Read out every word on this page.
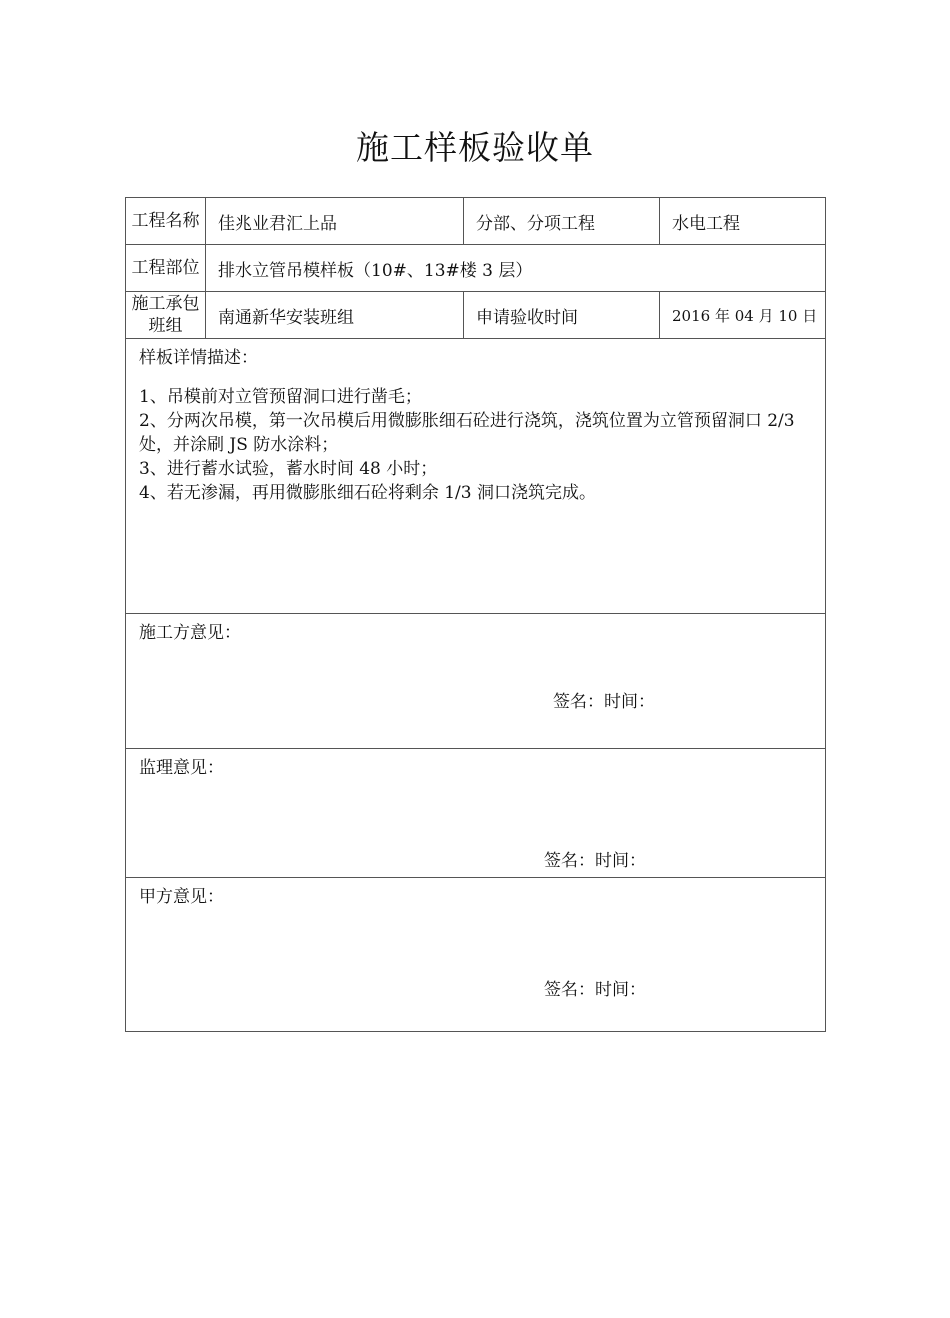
施工样板验收单
工程名称	佳兆业君汇上品	分部、分项工程	水电工程
工程部位	排水立管吊模样板（10#、13#楼 3 层）		
施工承包班组	南通新华安装班组	申请验收时间	2016 年 04 月 10 日

样板详情描述：
1、吊模前对立管预留洞口进行凿毛；
2、分两次吊模，第一次吊模后用微膨胀细石砼进行浇筑，浇筑位置为立管预留洞口 2/3 处，并涂刷 JS 防水涂料；
3、进行蓄水试验，蓄水时间 48 小时；
4、若无渗漏，再用微膨胀细石砼将剩余 1/3 洞口浇筑完成。			

施工方意见：
签名：时间：			

监理意见：
签名：时间：			

甲方意见：
签名：时间：			
